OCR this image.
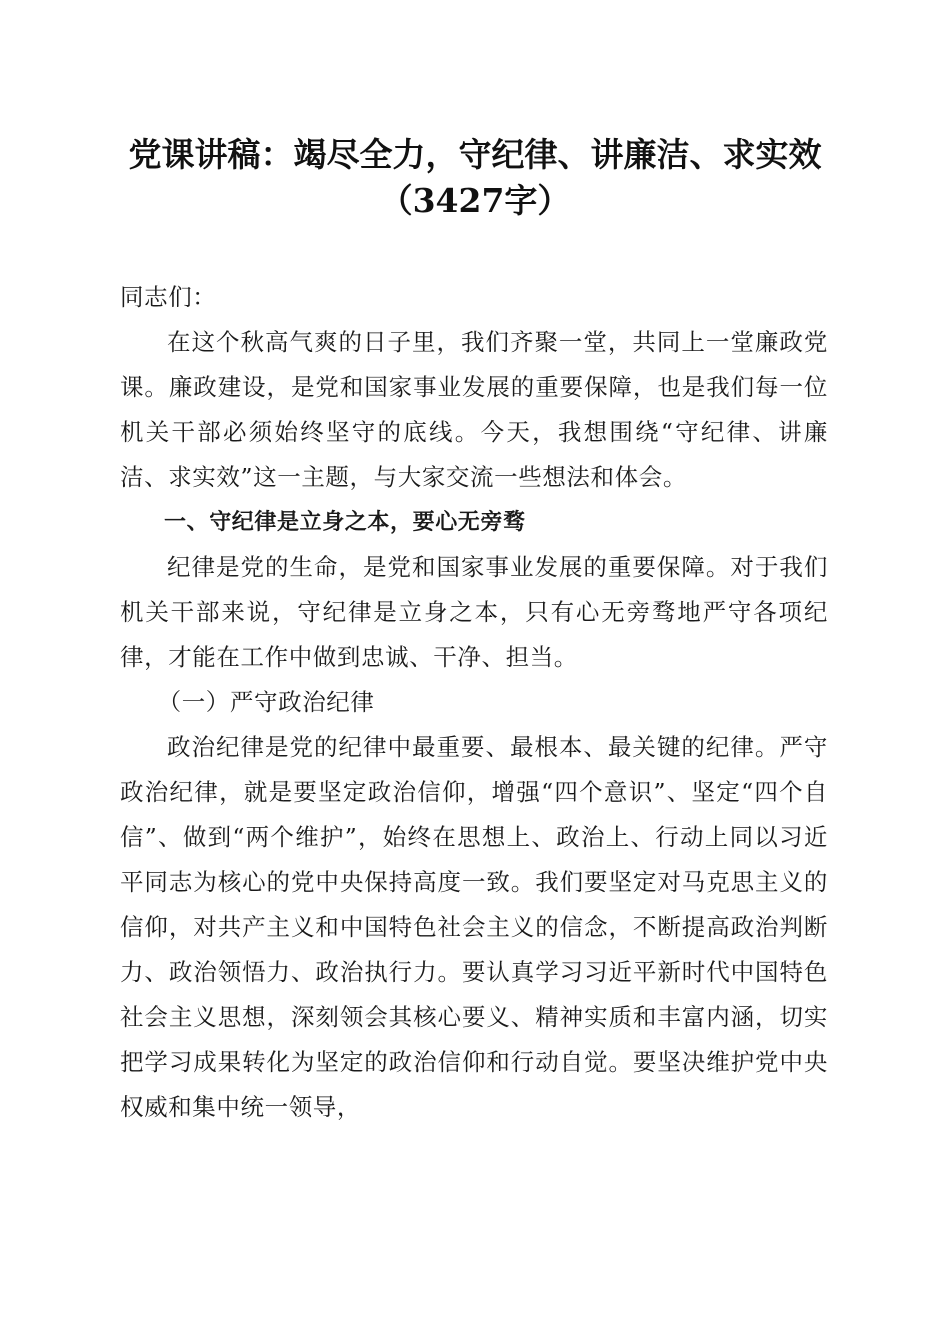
党课讲稿：竭尽全力，守纪律、讲廉洁、求实效（3427字）

同志们：

在这个秋高气爽的日子里，我们齐聚一堂，共同上一堂廉政党课。廉政建设，是党和国家事业发展的重要保障，也是我们每一位机关干部必须始终坚守的底线。今天，我想围绕“守纪律、讲廉洁、求实效”这一主题，与大家交流一些想法和体会。

一、守纪律是立身之本，要心无旁骛

纪律是党的生命，是党和国家事业发展的重要保障。对于我们机关干部来说，守纪律是立身之本，只有心无旁骛地严守各项纪律，才能在工作中做到忠诚、干净、担当。

（一）严守政治纪律

政治纪律是党的纪律中最重要、最根本、最关键的纪律。严守政治纪律，就是要坚定政治信仰，增强“四个意识”、坚定“四个自信”、做到“两个维护”，始终在思想上、政治上、行动上同以习近平同志为核心的党中央保持高度一致。我们要坚定对马克思主义的信仰，对共产主义和中国特色社会主义的信念，不断提高政治判断力、政治领悟力、政治执行力。要认真学习习近平新时代中国特色社会主义思想，深刻领会其核心要义、精神实质和丰富内涵，切实把学习成果转化为坚定的政治信仰和行动自觉。要坚决维护党中央权威和集中统一领导，
